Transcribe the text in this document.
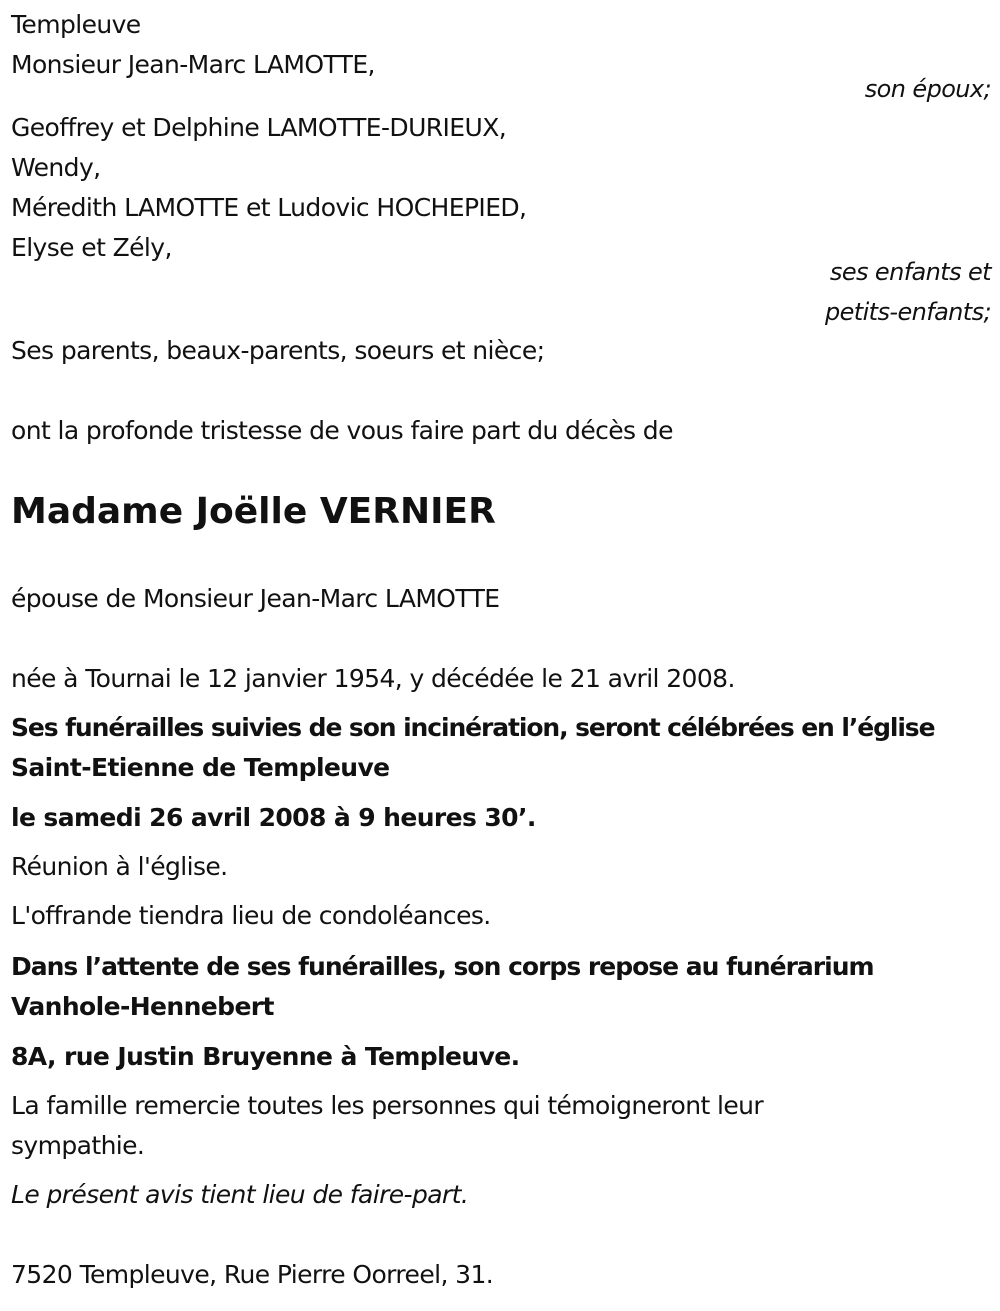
Templeuve
Monsieur Jean-Marc LAMOTTE,
son époux;
Geoffrey et Delphine LAMOTTE-DURIEUX,
Wendy,
Méredith LAMOTTE et Ludovic HOCHEPIED,
Elyse et Zély,
ses enfants et
petits-enfants;
Ses parents, beaux-parents, soeurs et nièce;
ont la profonde tristesse de vous faire part du décès de
Madame Joëlle VERNIER
épouse de Monsieur Jean-Marc LAMOTTE
née à Tournai le 12 janvier 1954, y décédée le 21 avril 2008.
Ses funérailles suivies de son incinération, seront célébrées en l’église
Saint-Etienne de Templeuve
le samedi 26 avril 2008 à 9 heures 30’.
Réunion à l'église.
L'offrande tiendra lieu de condoléances.
Dans l’attente de ses funérailles, son corps repose au funérarium
Vanhole-Hennebert
8A, rue Justin Bruyenne à Templeuve.
La famille remercie toutes les personnes qui témoigneront leur
sympathie.
Le présent avis tient lieu de faire-part.
7520 Templeuve, Rue Pierre Oorreel, 31.
